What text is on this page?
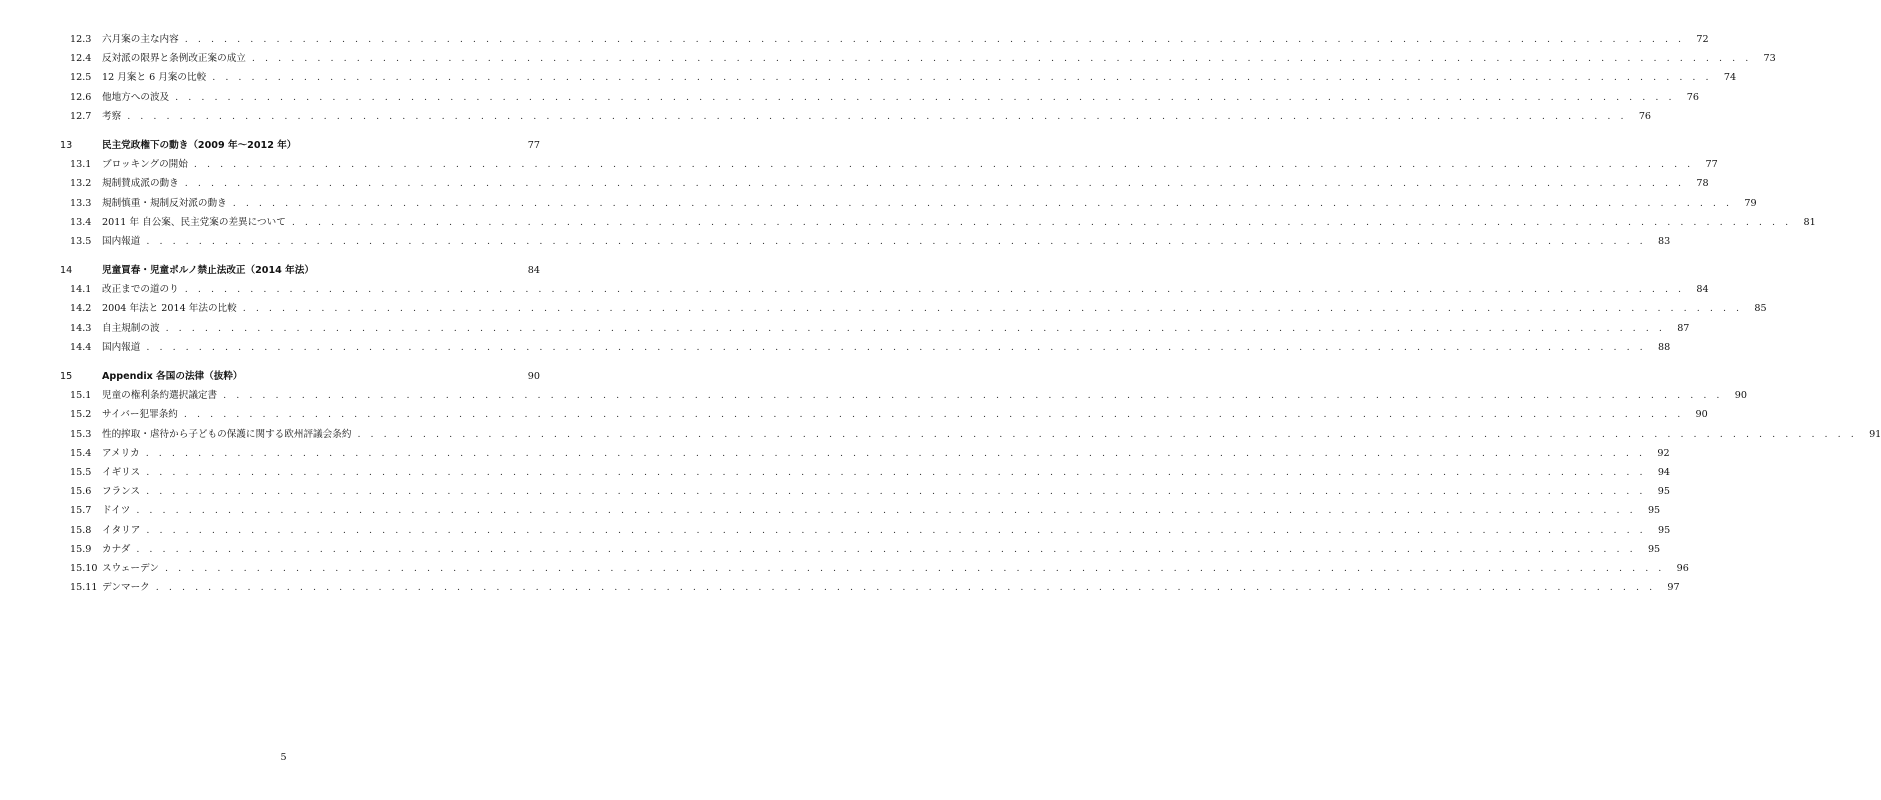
12.3	六月案の主な内容 . . .	72
12.4	反対派の限界と条例改正案の成立 . . .	73
12.5	12 月案と 6 月案の比較 . . .	74
12.6	他地方への波及 . . .	76
12.7	考察 . . .	76
13	民主党政権下の動き（2009 年〜2012 年）	77
13.1	ブロッキングの開始 . . .	77
13.2	規制賛成派の動き . . .	78
13.3	規制慎重・規制反対派の動き . . .	79
13.4	2011 年 自公案、民主党案の差異について . . .	81
13.5	国内報道 . . .	83
14	児童買春・児童ポルノ禁止法改正（2014 年法）	84
14.1	改正までの道のり . . .	84
14.2	2004 年法と 2014 年法の比較 . . .	85
14.3	自主規制の波 . . .	87
14.4	国内報道 . . .	88
15	Appendix 各国の法律（抜粋）	90
15.1	児童の権利条約選択議定書 . . .	90
15.2	サイバー犯罪条約 . . .	90
15.3	性的搾取・虐待から子どもの保護に関する欧州評議会条約 . . .	91
15.4	アメリカ . . .	92
15.5	イギリス . . .	94
15.6	フランス . . .	95
15.7	ドイツ . . .	95
15.8	イタリア . . .	95
15.9	カナダ . . .	95
15.10 スウェーデン . . .	96
15.11 デンマーク . . .	97
5
